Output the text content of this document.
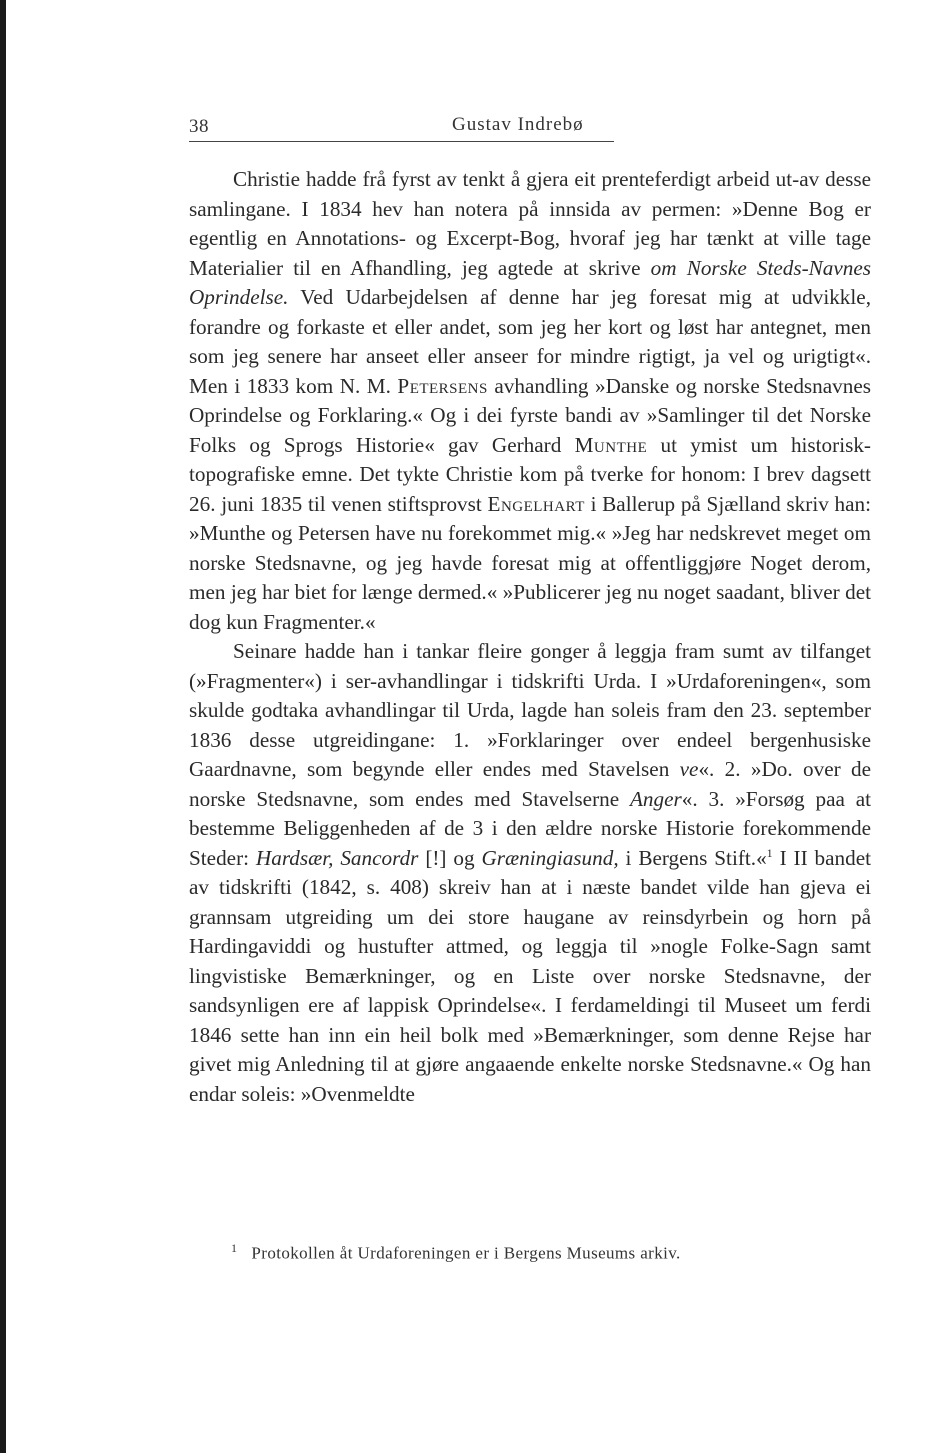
38	Gustav Indrebø

Christie hadde frå fyrst av tenkt å gjera eit prenteferdigt arbeid ut-av desse samlingane. I 1834 hev han notera på innsida av permen: »Denne Bog er egentlig en Annotations- og Excerpt-Bog, hvoraf jeg har tænkt at ville tage Materialier til en Afhandling, jeg agtede at skrive om Norske Steds-Navnes Oprindelse. Ved Udarbejdelsen af denne har jeg foresat mig at udvikkle, forandre og forkaste et eller andet, som jeg her kort og løst har antegnet, men som jeg senere har anseet eller anseer for mindre rigtigt, ja vel og urigtigt«. Men i 1833 kom N. M. Petersens avhandling »Danske og norske Stedsnavnes Oprindelse og Forklaring.« Og i dei fyrste bandi av »Samlinger til det Norske Folks og Sprogs Historie« gav Gerhard Munthe ut ymist um historisk-topografiske emne. Det tykte Christie kom på tverke for honom: I brev dagsett 26. juni 1835 til venen stiftsprovst Engelhart i Ballerup på Sjælland skriv han: »Munthe og Petersen have nu forekommet mig.« »Jeg har nedskrevet meget om norske Stedsnavne, og jeg havde foresat mig at offentliggjøre Noget derom, men jeg har biet for længe dermed.« »Publicerer jeg nu noget saadant, bliver det dog kun Fragmenter.«

Seinare hadde han i tankar fleire gonger å leggja fram sumt av tilfanget (»Fragmenter«) i ser-avhandlingar i tidskrifti Urda. I »Urdaforeningen«, som skulde godtaka avhandlingar til Urda, lagde han soleis fram den 23. september 1836 desse utgreidingane: 1. »Forklaringer over endeel bergenhusiske Gaardnavne, som begynde eller endes med Stavelsen ve«. 2. »Do. over de norske Stedsnavne, som endes med Stavelserne Anger«. 3. »Forsøg paa at bestemme Beliggenheden af de 3 i den ældre norske Historie forekommende Steder: Hardsær, Sancordr [!] og Græningiasund, i Bergens Stift.«$^1$ I II bandet av tidskrifti (1842, s. 408) skreiv han at i næste bandet vilde han gjeva ei grannsam utgreiding um dei store haugane av reinsdyrbein og horn på Hardingaviddi og hustufter attmed, og leggja til »nogle Folke-Sagn samt lingvistiske Bemærkninger, og en Liste over norske Stedsnavne, der sandsynligen ere af lappisk Oprindelse«. I ferdameldingi til Museet um ferdi 1846 sette han inn ein heil bolk med »Bemærkninger, som denne Rejse har givet mig Anledning til at gjøre angaaende enkelte norske Stedsnavne.« Og han endar soleis: »Ovenmeldte

1 Protokollen åt Urdaforeningen er i Bergens Museums arkiv.
